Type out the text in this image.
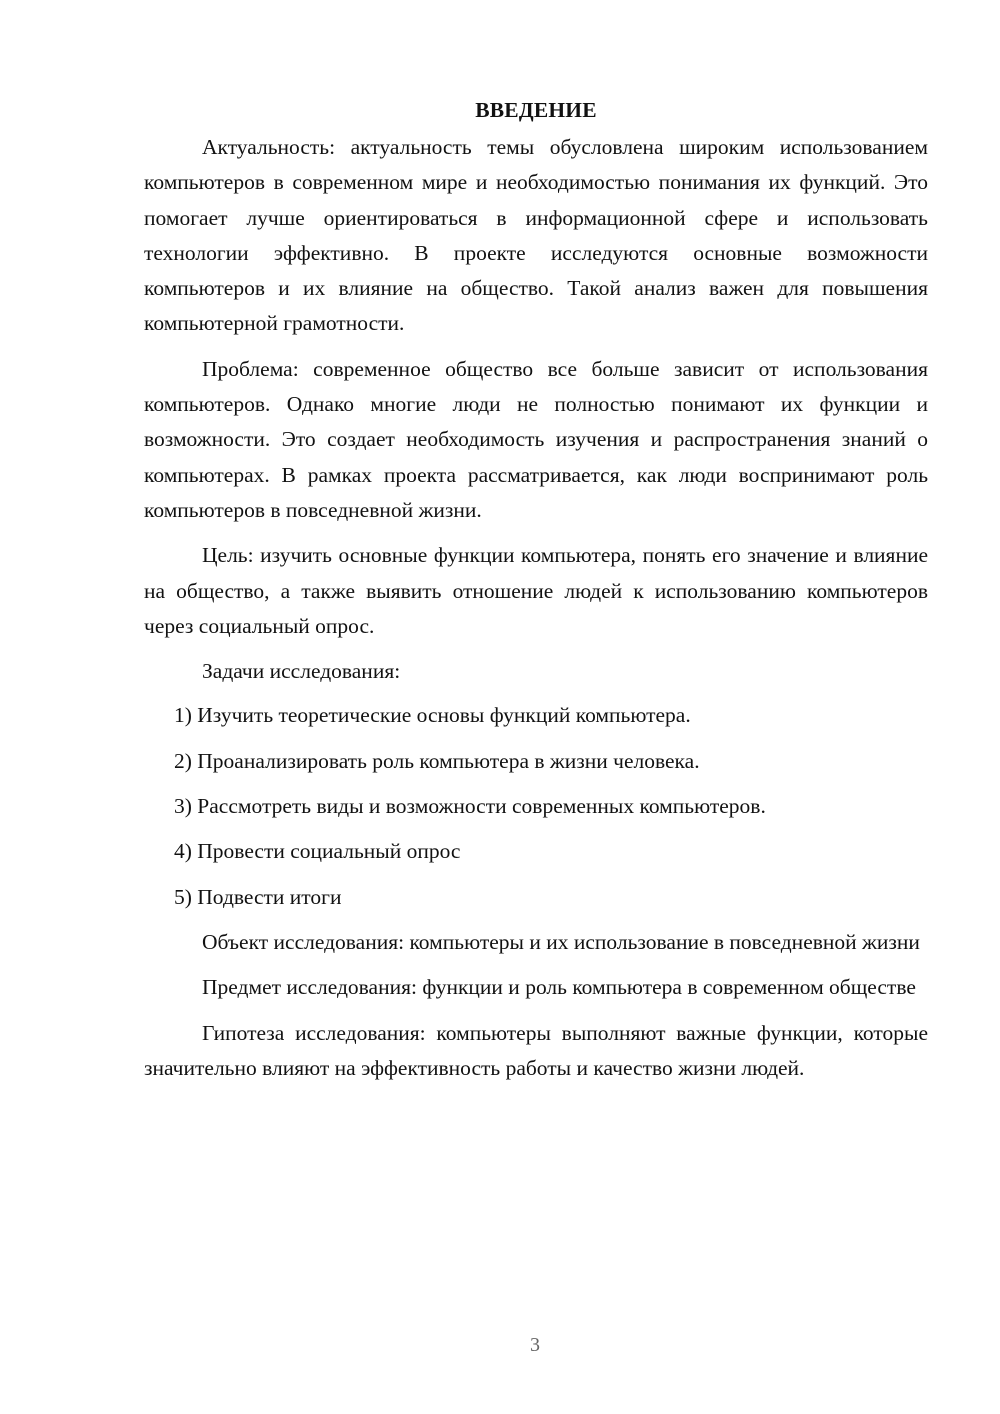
ВВЕДЕНИЕ

Актуальность: актуальность темы обусловлена широким использованием компьютеров в современном мире и необходимостью понимания их функций. Это помогает лучше ориентироваться в информационной сфере и использовать технологии эффективно. В проекте исследуются основные возможности компьютеров и их влияние на общество. Такой анализ важен для повышения компьютерной грамотности.

Проблема: современное общество все больше зависит от использования компьютеров. Однако многие люди не полностью понимают их функции и возможности. Это создает необходимость изучения и распространения знаний о компьютерах. В рамках проекта рассматривается, как люди воспринимают роль компьютеров в повседневной жизни.

Цель: изучить основные функции компьютера, понять его значение и влияние на общество, а также выявить отношение людей к использованию компьютеров через социальный опрос.

Задачи исследования:

1) Изучить теоретические основы функций компьютера.
2) Проанализировать роль компьютера в жизни человека.
3) Рассмотреть виды и возможности современных компьютеров.
4) Провести социальный опрос
5) Подвести итоги

Объект исследования: компьютеры и их использование в повседневной жизни

Предмет исследования: функции и роль компьютера в современном обществе

Гипотеза исследования: компьютеры выполняют важные функции, которые значительно влияют на эффективность работы и качество жизни людей.

3
